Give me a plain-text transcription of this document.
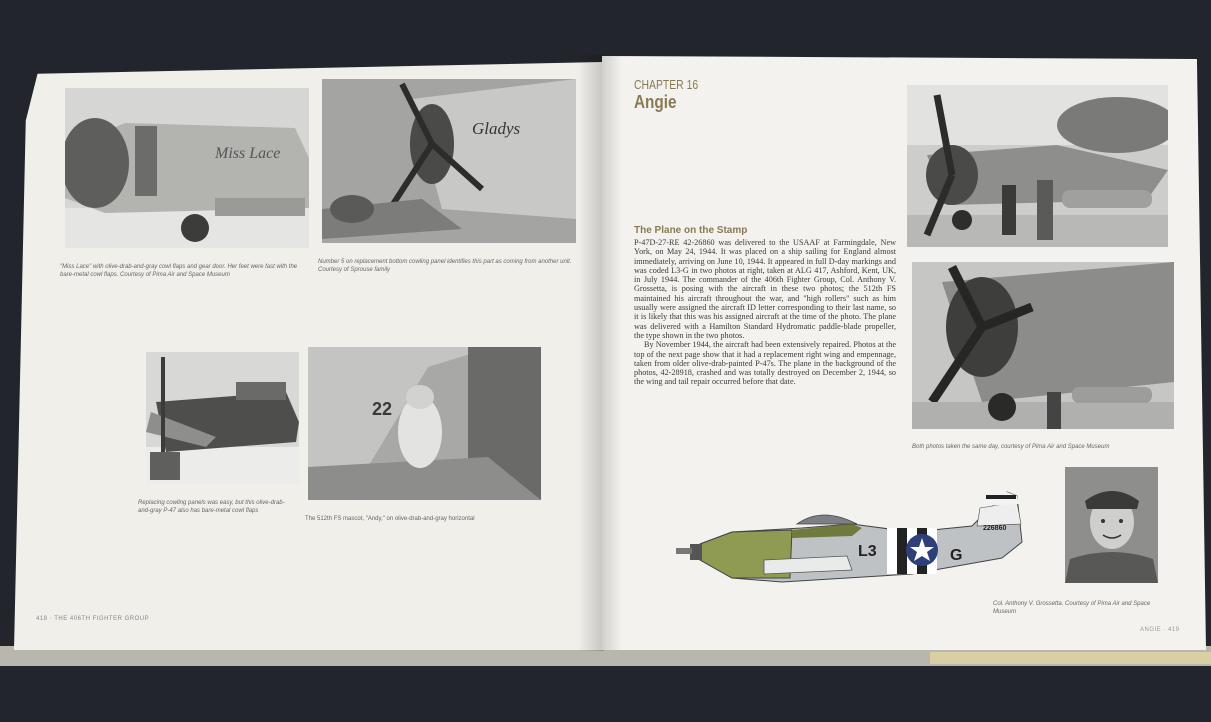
Miss Lace
Gladys
"Miss Lace" with olive-drab-and-gray cowl flaps and gear door. Her feet were fast with the bare-metal cowl flaps. Courtesy of Pima Air and Space Museum
Number 5 on replacement bottom cowling panel identifies this part as coming from another unit. Courtesy of Sprouse family
22
Replacing cowling panels was easy, but this olive-drab-and-gray P-47 also has bare-metal cowl flaps
The 512th FS mascot, "Andy," on olive-drab-and-gray horizontal
418 · THE 406TH FIGHTER GROUP
CHAPTER 16
Angie
The Plane on the Stamp

P-47D-27-RE 42-26860 was delivered to the USAAF at Farmingdale, New York, on May 24, 1944. It was placed on a ship sailing for England almost immediately, arriving on June 10, 1944. It appeared in full D-day markings and was coded L3-G in two photos at right, taken at ALG 417, Ashford, Kent, UK, in July 1944. The commander of the 406th Fighter Group, Col. Anthony V. Grossetta, is posing with the aircraft in these two photos; the 512th FS maintained his aircraft throughout the war, and "high rollers" such as him usually were assigned the aircraft ID letter corresponding to their last name, so it is likely that this was his assigned aircraft at the time of the photo. The plane was delivered with a Hamilton Standard Hydromatic paddle-blade propeller, the type shown in the two photos.

By November 1944, the aircraft had been extensively repaired. Photos at the top of the next page show that it had a replacement right wing and empennage, taken from older olive-drab-painted P-47s. The plane in the background of the photos, 42-28918, crashed and was totally destroyed on December 2, 1944, so the wing and tail repair occurred before that date.

Both photos taken the same day, courtesy of Pima Air and Space Museum
L3	G
226860
Col. Anthony V. Grossetta. Courtesy of Pima Air and Space Museum
ANGIE · 419
